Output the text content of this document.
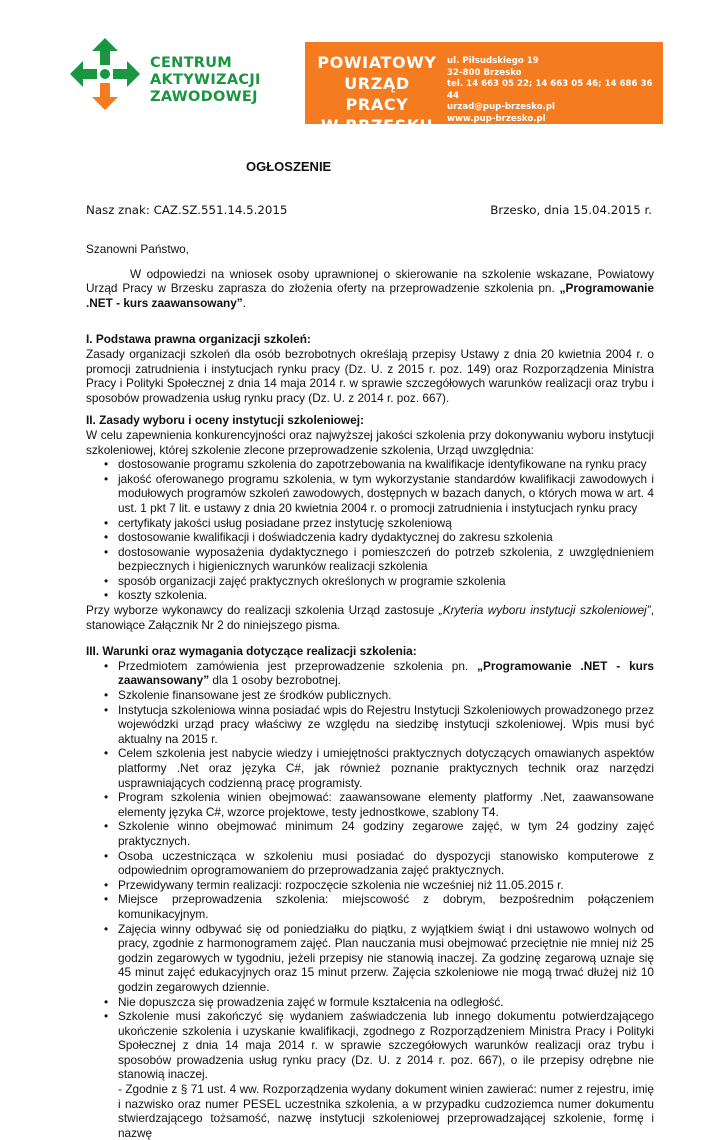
CENTRUM
AKTYWIZACJI
ZAWODOWEJ
POWIATOWY
URZĄD PRACY
W BRZESKU
ul. Piłsudskiego 19
32-800 Brzesko
tel. 14 663 05 22; 14 663 05 46; 14 686 36 44
urzad@pup-brzesko.pl
www.pup-brzesko.pl
OGŁOSZENIE
Nasz znak: CAZ.SZ.551.14.5.2015	Brzesko, dnia 15.04.2015 r.

Szanowni Państwo,

W odpowiedzi na wniosek osoby uprawnionej o skierowanie na szkolenie wskazane, Powiatowy Urząd Pracy w Brzesku zaprasza do złożenia oferty na przeprowadzenie szkolenia pn. „Programowanie .NET - kurs zaawansowany”.

I. Podstawa prawna organizacji szkoleń:

Zasady organizacji szkoleń dla osób bezrobotnych określają przepisy Ustawy z dnia 20 kwietnia 2004 r. o promocji zatrudnienia i instytucjach rynku pracy (Dz. U. z 2015 r. poz. 149) oraz Rozporządzenia Ministra Pracy i Polityki Społecznej z dnia 14 maja 2014 r. w sprawie szczegółowych warunków realizacji oraz trybu i sposobów prowadzenia usług rynku pracy (Dz. U. z 2014 r. poz. 667).

II. Zasady wyboru i oceny instytucji szkoleniowej:

W celu zapewnienia konkurencyjności oraz najwyższej jakości szkolenia przy dokonywaniu wyboru instytucji szkoleniowej, której szkolenie zlecone przeprowadzenie szkolenia, Urząd uwzględnia:

• dostosowanie programu szkolenia do zapotrzebowania na kwalifikacje identyfikowane na rynku pracy
• jakość oferowanego programu szkolenia, w tym wykorzystanie standardów kwalifikacji zawodowych i modułowych programów szkoleń zawodowych, dostępnych w bazach danych, o których mowa w art. 4 ust. 1 pkt 7 lit. e ustawy z dnia 20 kwietnia 2004 r. o promocji zatrudnienia i instytucjach rynku pracy
• certyfikaty jakości usług posiadane przez instytucję szkoleniową
• dostosowanie kwalifikacji i doświadczenia kadry dydaktycznej do zakresu szkolenia
• dostosowanie wyposażenia dydaktycznego i pomieszczeń do potrzeb szkolenia, z uwzględnieniem bezpiecznych i higienicznych warunków realizacji szkolenia
• sposób organizacji zajęć praktycznych określonych w programie szkolenia
• koszty szkolenia.

Przy wyborze wykonawcy do realizacji szkolenia Urząd zastosuje „Kryteria wyboru instytucji szkoleniowej”, stanowiące Załącznik Nr 2 do niniejszego pisma.

III. Warunki oraz wymagania dotyczące realizacji szkolenia:

• Przedmiotem zamówienia jest przeprowadzenie szkolenia pn. „Programowanie .NET - kurs zaawansowany” dla 1 osoby bezrobotnej.
• Szkolenie finansowane jest ze środków publicznych.
• Instytucja szkoleniowa winna posiadać wpis do Rejestru Instytucji Szkoleniowych prowadzonego przez wojewódzki urząd pracy właściwy ze względu na siedzibę instytucji szkoleniowej. Wpis musi być aktualny na 2015 r.
• Celem szkolenia jest nabycie wiedzy i umiejętności praktycznych dotyczących omawianych aspektów platformy .Net oraz języka C#, jak również poznanie praktycznych technik oraz narzędzi usprawniających codzienną pracę programisty.
• Program szkolenia winien obejmować: zaawansowane elementy platformy .Net, zaawansowane elementy języka C#, wzorce projektowe, testy jednostkowe, szablony T4.
• Szkolenie winno obejmować minimum 24 godziny zegarowe zajęć, w tym 24 godziny zajęć praktycznych.
• Osoba uczestnicząca w szkoleniu musi posiadać do dyspozycji stanowisko komputerowe z odpowiednim oprogramowaniem do przeprowadzania zajęć praktycznych.
• Przewidywany termin realizacji: rozpoczęcie szkolenia nie wcześniej niż 11.05.2015 r.
• Miejsce przeprowadzenia szkolenia: miejscowość z dobrym, bezpośrednim połączeniem komunikacyjnym.
• Zajęcia winny odbywać się od poniedziałku do piątku, z wyjątkiem świąt i dni ustawowo wolnych od pracy, zgodnie z harmonogramem zajęć. Plan nauczania musi obejmować przeciętnie nie mniej niż 25 godzin zegarowych w tygodniu, jeżeli przepisy nie stanowią inaczej. Za godzinę zegarową uznaje się 45 minut zajęć edukacyjnych oraz 15 minut przerw. Zajęcia szkoleniowe nie mogą trwać dłużej niż 10 godzin zegarowych dziennie.
• Nie dopuszcza się prowadzenia zajęć w formule kształcenia na odległość.
• Szkolenie musi zakończyć się wydaniem zaświadczenia lub innego dokumentu potwierdzającego ukończenie szkolenia i uzyskanie kwalifikacji, zgodnego z Rozporządzeniem Ministra Pracy i Polityki Społecznej z dnia 14 maja 2014 r. w sprawie szczegółowych warunków realizacji oraz trybu i sposobów prowadzenia usług rynku pracy (Dz. U. z 2014 r. poz. 667), o ile przepisy odrębne nie stanowią inaczej.

- Zgodnie z § 71 ust. 4 ww. Rozporządzenia wydany dokument winien zawierać: numer z rejestru, imię i nazwisko oraz numer PESEL uczestnika szkolenia, a w przypadku cudzoziemca numer dokumentu stwierdzającego tożsamość, nazwę instytucji szkoleniowej przeprowadzającej szkolenie, formę i nazwę
